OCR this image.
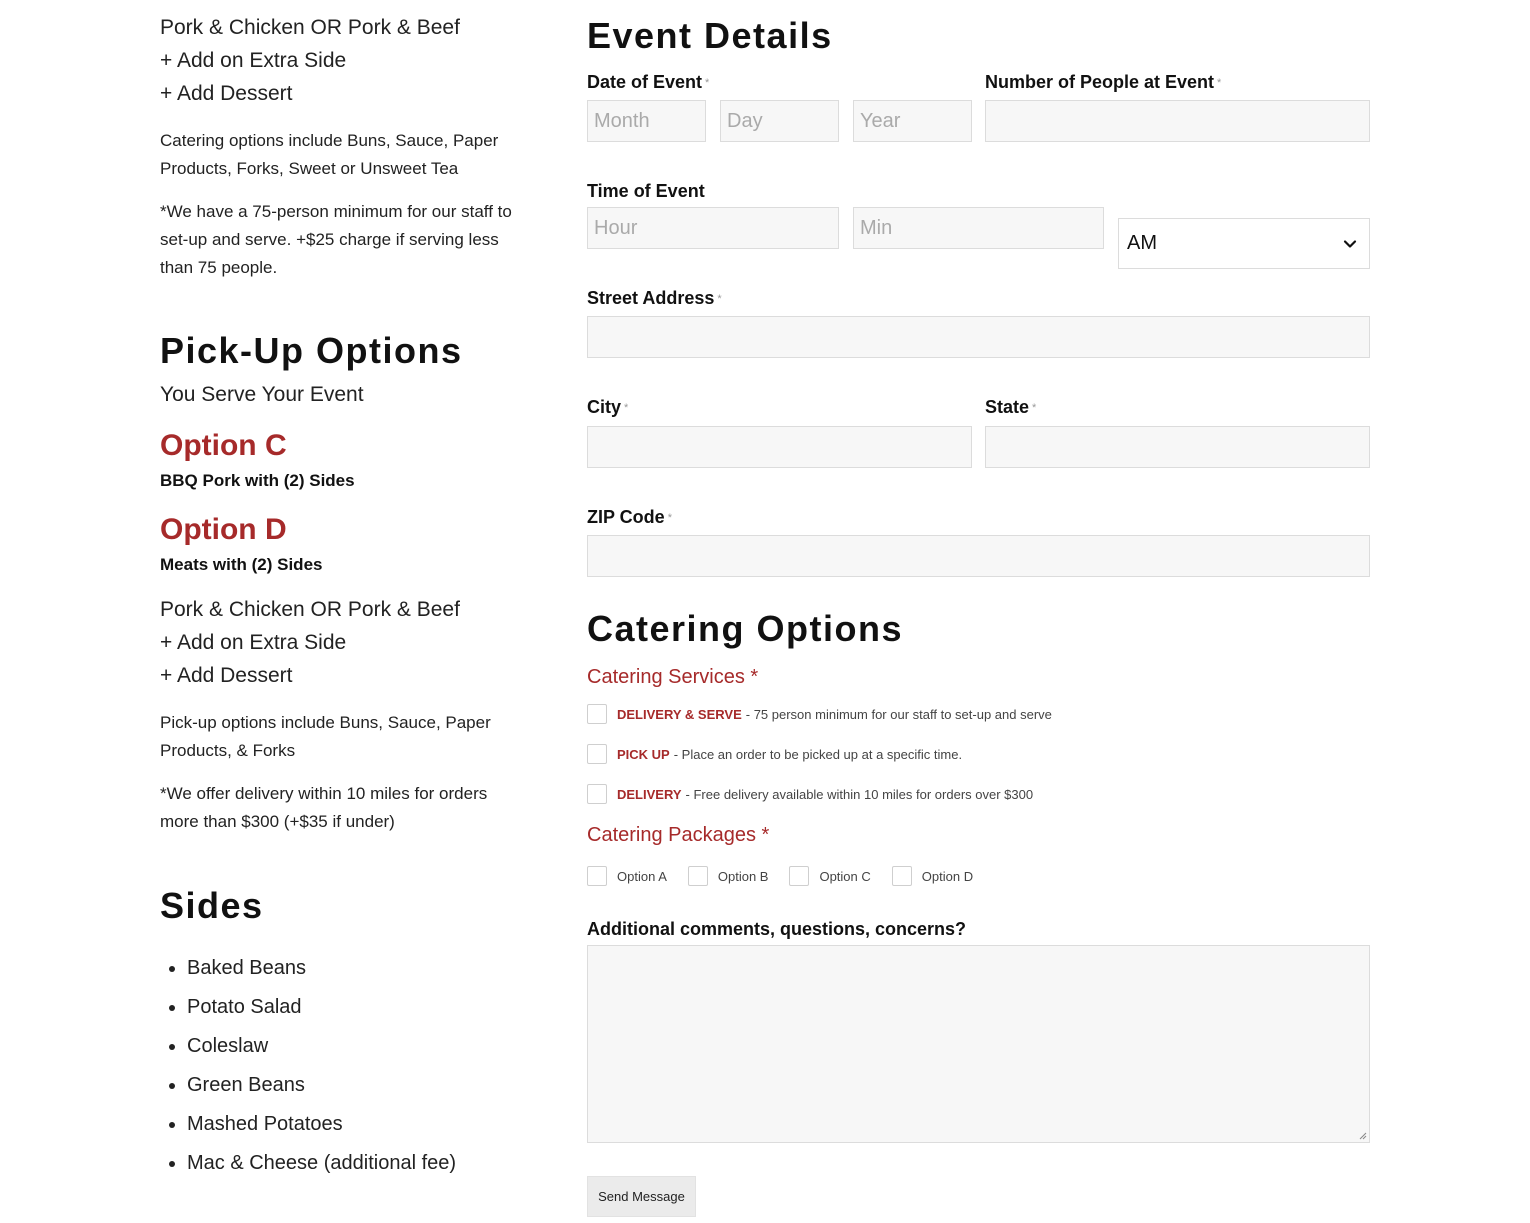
Pork & Chicken OR Pork & Beef
+ Add on Extra Side
+ Add Dessert
Catering options include Buns, Sauce, Paper Products, Forks, Sweet or Unsweet Tea
*We have a 75-person minimum for our staff to set-up and serve. +$25 charge if serving less than 75 people.
Pick-Up Options
You Serve Your Event
Option C
BBQ Pork with (2) Sides
Option D
Meats with (2) Sides
Pork & Chicken OR Pork & Beef
+ Add on Extra Side
+ Add Dessert
Pick-up options include Buns, Sauce, Paper Products, & Forks
*We offer delivery within 10 miles for orders more than $300 (+$35 if under)
Sides
• Baked Beans
• Potato Salad
• Coleslaw
• Green Beans
• Mashed Potatoes
• Mac & Cheese (additional fee)
Event Details
Date of Event *
Month	Day	Year
Number of People at Event *
Time of Event
Hour	Min
AM
Street Address *
City *	State *
ZIP Code *
Catering Options
Catering Services *
DELIVERY & SERVE - 75 person minimum for our staff to set-up and serve
PICK UP - Place an order to be picked up at a specific time.
DELIVERY - Free delivery available within 10 miles for orders over $300
Catering Packages *
Option A	Option B	Option C	Option D
Additional comments, questions, concerns?
Send Message
